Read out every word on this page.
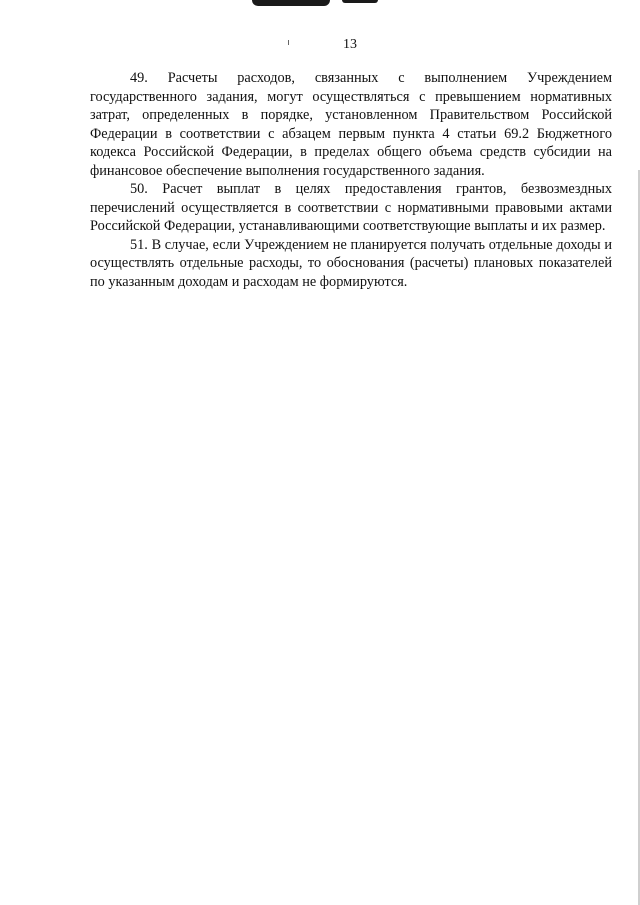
13

49. Расчеты расходов, связанных с выполнением Учреждением государственного задания, могут осуществляться с превышением нормативных затрат, определенных в порядке, установленном Правительством Российской Федерации в соответствии с абзацем первым пункта 4 статьи 69.2 Бюджетного кодекса Российской Федерации, в пределах общего объема средств субсидии на финансовое обеспечение выполнения государственного задания.

50. Расчет выплат в целях предоставления грантов, безвозмездных перечислений осуществляется в соответствии с нормативными правовыми актами Российской Федерации, устанавливающими соответствующие выплаты и их размер.

51. В случае, если Учреждением не планируется получать отдельные доходы и осуществлять отдельные расходы, то обоснования (расчеты) плановых показателей по указанным доходам и расходам не формируются.
